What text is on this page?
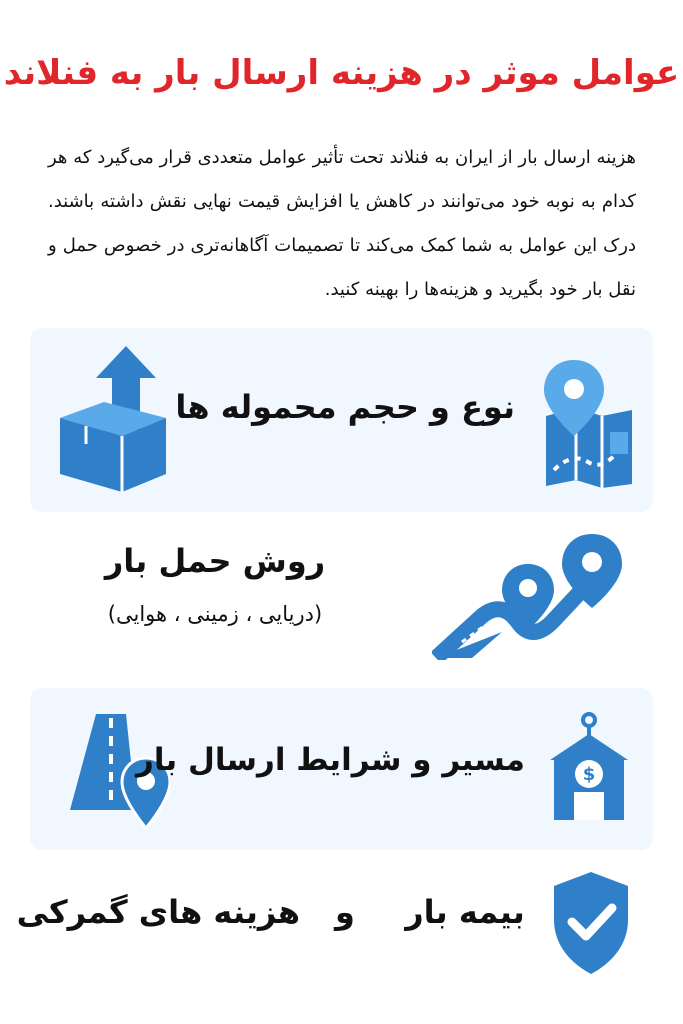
عوامل موثر در هزینه ارسال بار به فنلاند

هزینه ارسال بار از ایران به فنلاند تحت تأثیر عوامل متعددی قرار می‌گیرد که هر کدام به نوبه خود می‌توانند در کاهش یا افزایش قیمت نهایی نقش داشته باشند. درک این عوامل به شما کمک می‌کند تا تصمیمات آگاهانه‌تری در خصوص حمل و نقل بار خود بگیرید و هزینه‌ها را بهینه کنید.

نوع و حجم محموله ها
روش حمل بار
(دریایی ، زمینی ، هوایی)
$
مسیر و شرایط ارسال بار
بیمه بار
و
هزینه های گمرکی
